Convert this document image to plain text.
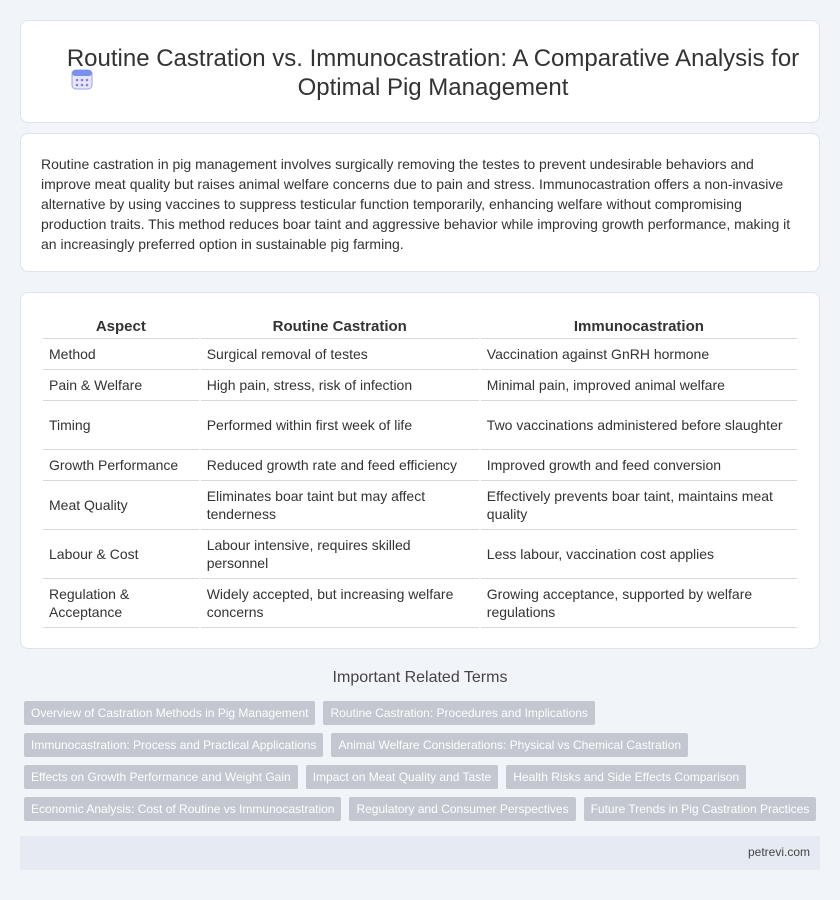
Routine Castration vs. Immunocastration: A Comparative Analysis for Optimal Pig Management

Routine castration in pig management involves surgically removing the testes to prevent undesirable behaviors and improve meat quality but raises animal welfare concerns due to pain and stress. Immunocastration offers a non-invasive alternative by using vaccines to suppress testicular function temporarily, enhancing welfare without compromising production traits. This method reduces boar taint and aggressive behavior while improving growth performance, making it an increasingly preferred option in sustainable pig farming.

Aspect	Routine Castration	Immunocastration
Method	Surgical removal of testes	Vaccination against GnRH hormone
Pain & Welfare	High pain, stress, risk of infection	Minimal pain, improved animal welfare
Timing	Performed within first week of life	Two vaccinations administered before slaughter
Growth Performance	Reduced growth rate and feed efficiency	Improved growth and feed conversion
Meat Quality	Eliminates boar taint but may affect tenderness	Effectively prevents boar taint, maintains meat quality
Labour & Cost	Labour intensive, requires skilled personnel	Less labour, vaccination cost applies
Regulation & Acceptance	Widely accepted, but increasing welfare concerns	Growing acceptance, supported by welfare regulations
Important Related Terms
Overview of Castration Methods in Pig Management	Routine Castration: Procedures and Implications
Immunocastration: Process and Practical Applications	Animal Welfare Considerations: Physical vs Chemical Castration
Effects on Growth Performance and Weight Gain	Impact on Meat Quality and Taste	Health Risks and Side Effects Comparison
Economic Analysis: Cost of Routine vs Immunocastration	Regulatory and Consumer Perspectives	Future Trends in Pig Castration Practices
petrevi.com
